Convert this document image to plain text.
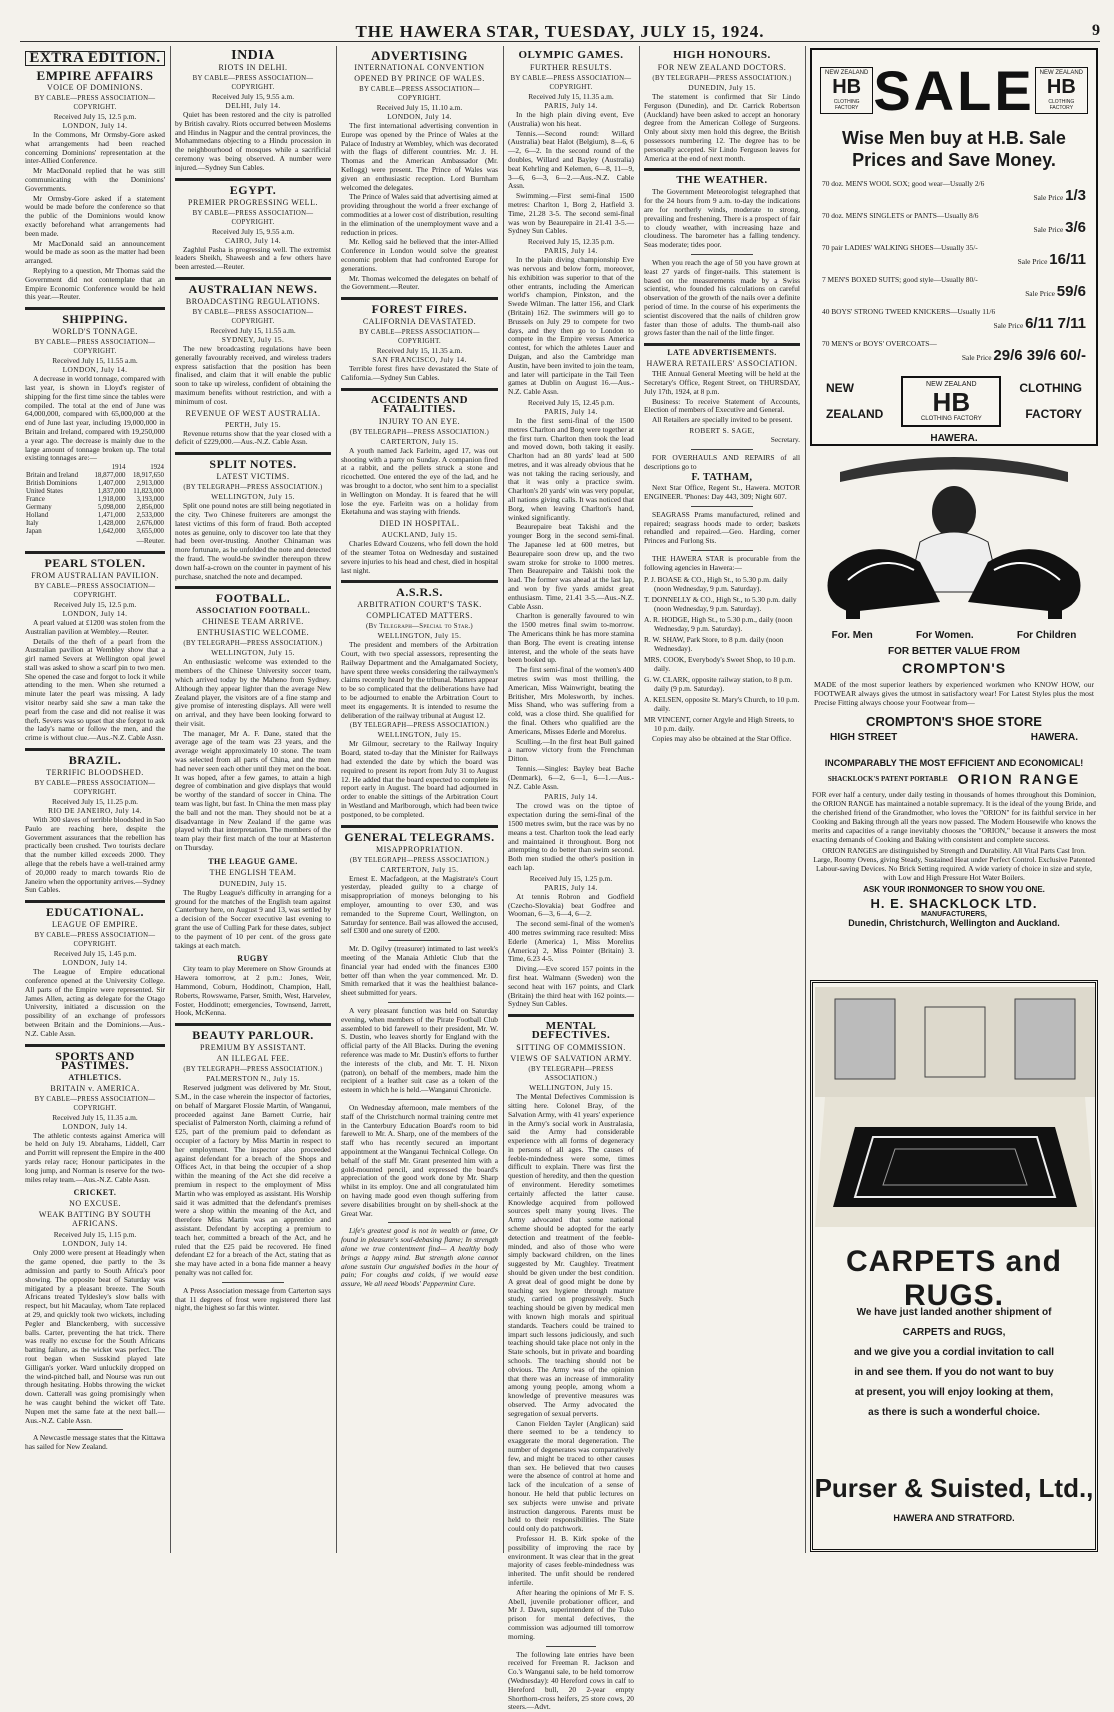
THE HAWERA STAR, TUESDAY, JULY 15, 1924.	9
EXTRA EDITION.
EMPIRE AFFAIRS
VOICE OF DOMINIONS.
BY CABLE—PRESS ASSOCIATION—COPYRIGHT.
Received July 15, 12.5 p.m.
LONDON, July 14.
In the Commons, Mr Ormsby-Gore asked what arrangements had been reached concerning Dominions' representation at the inter-Allied Conference.
Mr MacDonald replied that he was still communicating with the Dominions' Governments.
Mr Ormsby-Gore asked if a statement would be made before the conference so that the public of the Dominions would know exactly beforehand what arrangements had been made.
Mr MacDonald said an announcement would be made as soon as the matter had been arranged.
Replying to a question, Mr Thomas said the Government did not contemplate that an Empire Economic Conference would be held this year.—Reuter.
SHIPPING.
WORLD'S TONNAGE.
BY CABLE—PRESS ASSOCIATION—COPYRIGHT.
Received July 15, 11.55 a.m.
LONDON, July 14.
A decrease in world tonnage, compared with last year, is shown in Lloyd's register of shipping for the first time since the tables were compiled. The total at the end of June was 64,000,000, compared with 65,000,000 at the end of June last year, including 19,000,000 in Britain and Ireland, compared with 19,250,000 a year ago. The decrease is mainly due to the large amount of tonnage broken up. The total existing tonnages are:—
	1914	1924
Britain and Ireland	18,877,000	18,917,650
British Dominions	1,407,000	2,913,000
United States	1,837,000	11,823,000
France	1,918,000	3,193,000
Germany	5,098,000	2,856,000
Holland	1,471,000	2,533,000
Italy	1,428,000	2,676,000
Japan	1,642,000	3,655,000
—Reuter.
PEARL STOLEN.
FROM AUSTRALIAN PAVILION.
BY CABLE—PRESS ASSOCIATION—COPYRIGHT.
Received July 15, 12.5 p.m.
LONDON, July 14.
A pearl valued at £1200 was stolen from the Australian pavilion at Wembley.—Reuter.
Details of the theft of a pearl from the Australian pavilion at Wembley show that a girl named Severs at Wellington opal jewel stall was asked to show a scarf pin to two men. She opened the case and forgot to lock it while attending to the men. When she returned a minute later the pearl was missing. A lady visitor nearby said she saw a man take the pearl from the case and did not realise it was theft. Severs was so upset that she forgot to ask the lady's name or follow the men, and the crime is without clue.—Aus.-N.Z. Cable Assn.
BRAZIL.
TERRIFIC BLOODSHED.
BY CABLE—PRESS ASSOCIATION—COPYRIGHT.
Received July 15, 11.25 p.m.
RIO DE JANEIRO, July 14.
With 300 slaves of terrible bloodshed in Sao Paulo are reaching here, despite the Government assurances that the rebellion has practically been crushed. Two tourists declare that the number killed exceeds 2000. They allege that the rebels have a well-trained army of 20,000 ready to march towards Rio de Janeiro when the opportunity arrives.—Sydney Sun Cables.
EDUCATIONAL.
LEAGUE OF EMPIRE.
BY CABLE—PRESS ASSOCIATION—COPYRIGHT.
Received July 15, 1.45 p.m.
LONDON, July 14.
The League of Empire educational conference opened at the University College. All parts of the Empire were represented. Sir James Allen, acting as delegate for the Otago University, initiated a discussion on the possibility of an exchange of professors between Britain and the Dominions.—Aus.-N.Z. Cable Assn.
SPORTS AND PASTIMES.
ATHLETICS.
BRITAIN v. AMERICA.
BY CABLE—PRESS ASSOCIATION—COPYRIGHT.
Received July 15, 11.35 a.m.
LONDON, July 14.
The athletic contests against America will be held on July 19. Abrahams, Liddell, Carr and Porritt will represent the Empire in the 400 yards relay race; Honour participates in the long jump, and Norman is reserve for the two-miles relay team.—Aus.-N.Z. Cable Assn.
CRICKET.
NO EXCUSE.
WEAK BATTING BY SOUTH AFRICANS.
Received July 15, 1.15 p.m.
LONDON, July 14.
Only 2000 were present at Headingly when the game opened, due partly to the 3s admission and partly to South Africa's poor showing. The opposite beat of Saturday was mitigated by a pleasant breeze. The South Africans treated Tyldesley's slow balls with respect, but hit Macaulay, whom Tate replaced at 29, and quickly took two wickets, including Pegler and Blanckenberg, with successive balls. Carter, preventing the hat trick. There was really no excuse for the South Africans batting failure, as the wicket was perfect. The rout began when Susskind played late Gilligan's yorker. Ward unluckily dropped on the wind-pitched ball, and Nourse was run out through hesitating. Hobbs throwing the wicket down. Catterall was going promisingly when he was caught behind the wicket off Tate. Nupen met the same fate at the next ball.—Aus.-N.Z. Cable Assn.
A Newcastle message states that the Kittawa has sailed for New Zealand.
INDIA
RIOTS IN DELHI.
BY CABLE—PRESS ASSOCIATION—COPYRIGHT.
Received July 15, 9.55 a.m.
DELHI, July 14.
Quiet has been restored and the city is patrolled by British cavalry. Riots occurred between Moslems and Hindus in Nagpur and the central provinces, the Mohammedans objecting to a Hindu procession in the neighbourhood of mosques while a sacrificial ceremony was being observed. A number were injured.—Sydney Sun Cables.
EGYPT.
PREMIER PROGRESSING WELL.
BY CABLE—PRESS ASSOCIATION—COPYRIGHT.
Received July 15, 9.55 a.m.
CAIRO, July 14.
Zaghlul Pasha is progressing well. The extremist leaders Sheikh, Shaweesh and a few others have been arrested.—Reuter.
AUSTRALIAN NEWS.
BROADCASTING REGULATIONS.
BY CABLE—PRESS ASSOCIATION—COPYRIGHT.
Received July 15, 11.55 a.m.
SYDNEY, July 15.
The new broadcasting regulations have been generally favourably received, and wireless traders express satisfaction that the position has been finalised, and claim that it will enable the public soon to take up wireless, confident of obtaining the maximum benefits without restriction, and with a minimum of cost.
REVENUE OF WEST AUSTRALIA.
PERTH, July 15.
Revenue returns show that the year closed with a deficit of £229,000.—Aus.-N.Z. Cable Assn.
SPLIT NOTES.
LATEST VICTIMS.
(BY TELEGRAPH—PRESS ASSOCIATION.)
WELLINGTON, July 15.
Split one pound notes are still being negotiated in the city. Two Chinese fruiterers are amongst the latest victims of this form of fraud. Both accepted notes as genuine, only to discover too late that they had been over-trusting. Another Chinaman was more fortunate, as he unfolded the note and detected the fraud. The would-be swindler thereupon threw down half-a-crown on the counter in payment of his purchase, snatched the note and decamped.
FOOTBALL.
ASSOCIATION FOOTBALL.
CHINESE TEAM ARRIVE.
ENTHUSIASTIC WELCOME.
(BY TELEGRAPH—PRESS ASSOCIATION.)
WELLINGTON, July 15.
An enthusiastic welcome was extended to the members of the Chinese University soccer team, which arrived today by the Maheno from Sydney. Although they appear lighter than the average New Zealand player, the visitors are of a fine stamp and give promise of interesting displays. All were well on arrival, and they have been looking forward to their visit.
The manager, Mr A. F. Dane, stated that the average age of the team was 23 years, and the average weight approximately 10 stone. The team was selected from all parts of China, and the men had never seen each other until they met on the boat. It was hoped, after a few games, to attain a high degree of combination and give displays that would be worthy of the standard of soccer in China. The team was light, but fast. In China the men mass play the ball and not the man. They should not be at a disadvantage in New Zealand if the game was played with that interpretation. The members of the team play their first match of the tour at Masterton on Thursday.
THE LEAGUE GAME.
THE ENGLISH TEAM.
DUNEDIN, July 15.
The Rugby League's difficulty in arranging for a ground for the matches of the English team against Canterbury here, on August 9 and 13, was settled by a decision of the Soccer executive last evening to grant the use of Culling Park for these dates, subject to the payment of 10 per cent. of the gross gate takings at each match.
RUGBY
City team to play Meremere on Show Grounds at Hawera tomorrow, at 2 p.m.: Jones, Weir, Hammond, Coburn, Hoddinott, Champion, Hall, Roberts, Rowswarne, Parser, Smith, West, Harvelev, Foster, Hoddinott; emergencies, Townsend, Jarrett, Hook, McKenna.
BEAUTY PARLOUR.
PREMIUM BY ASSISTANT.
AN ILLEGAL FEE.
(BY TELEGRAPH—PRESS ASSOCIATION.)
PALMERSTON N., July 15.
Reserved judgment was delivered by Mr. Stout, S.M., in the case wherein the inspector of factories, on behalf of Margaret Flossie Martin, of Wanganui, proceeded against Jane Barnett Currie, hair specialist of Palmerston North, claiming a refund of £25, part of the premium paid to defendant as occupier of a factory by Miss Martin in respect to her employment. The inspector also proceeded against defendant for a breach of the Shops and Offices Act, in that being the occupier of a shop within the meaning of the Act she did receive a premium in respect to the employment of Miss Martin who was employed as assistant. His Worship said it was admitted that the defendant's premises were a shop within the meaning of the Act, and therefore Miss Martin was an apprentice and assistant. Defendant by accepting a premium to teach her, committed a breach of the Act, and he ruled that the £25 paid be recovered. He fined defendant £2 for a breach of the Act, stating that as she may have acted in a bona fide manner a heavy penalty was not called for.
A Press Association message from Carterton says that 11 degrees of frost were registered there last night, the highest so far this winter.
ADVERTISING
INTERNATIONAL CONVENTION
OPENED BY PRINCE OF WALES.
BY CABLE—PRESS ASSOCIATION—COPYRIGHT.
Received July 15, 11.10 a.m.
LONDON, July 14.
The first international advertising convention in Europe was opened by the Prince of Wales at the Palace of Industry at Wembley, which was decorated with the flags of different countries. Mr. J. H. Thomas and the American Ambassador (Mr. Kellogg) were present. The Prince of Wales was given an enthusiastic reception. Lord Burnham welcomed the delegates.
The Prince of Wales said that advertising aimed at providing throughout the world a freer exchange of commodities at a lower cost of distribution, resulting in the elimination of the unemployment wave and a reduction in prices.
Mr. Kellog said he believed that the inter-Allied Conference in London would solve the greatest economic problem that had confronted Europe for generations.
Mr. Thomas welcomed the delegates on behalf of the Government.—Reuter.
FOREST FIRES.
CALIFORNIA DEVASTATED.
BY CABLE—PRESS ASSOCIATION—COPYRIGHT.
Received July 15, 11.35 a.m.
SAN FRANCISCO, July 14.
Terrible forest fires have devastated the State of California.—Sydney Sun Cables.
ACCIDENTS AND FATALITIES.
INJURY TO AN EYE.
(BY TELEGRAPH—PRESS ASSOCIATION.)
CARTERTON, July 15.
A youth named Jack Farleitn, aged 17, was out shooting with a party on Sunday. A companion fired at a rabbit, and the pellets struck a stone and ricochetted. One entered the eye of the lad, and he was brought to a doctor, who sent him to a specialist in Wellington on Monday. It is feared that he will lose the eye. Farleitn was on a holiday from Eketahuna and was staying with friends.
DIED IN HOSPITAL.
AUCKLAND, July 15.
Charles Edward Couzens, who fell down the hold of the steamer Totoa on Wednesday and sustained severe injuries to his head and chest, died in hospital last night.
A.S.R.S.
ARBITRATION COURT'S TASK.
COMPLICATED MATTERS.
(By Telegraph—Special to Star.)
WELLINGTON, July 15.
The president and members of the Arbitration Court, with two special assessors, representing the Railway Department and the Amalgamated Society, have spent three weeks considering the railwaymen's claims recently heard by the tribunal. Matters appear to be so complicated that the deliberations have had to be adjourned to enable the Arbitration Court to meet its engagements. It is intended to resume the deliberation of the railway tribunal at August 12.
(BY TELEGRAPH—PRESS ASSOCIATION.)
WELLINGTON, July 15.
Mr Gilmour, secretary to the Railway Inquiry Board, stated to-day that the Minister for Railways had extended the date by which the board was required to present its report from July 31 to August 12. He added that the board expected to complete its report early in August. The board had adjourned in order to enable the sittings of the Arbitration Court in Westland and Marlborough, which had been twice postponed, to be completed.
GENERAL TELEGRAMS.
MISAPPROPRIATION.
(BY TELEGRAPH—PRESS ASSOCIATION.)
CARTERTON, July 15.
Ernest E. Macfadgeon, at the Magistrate's Court yesterday, pleaded guilty to a charge of misappropriation of moneys belonging to his employer, amounting to over £30, and was remanded to the Supreme Court, Wellington, on Saturday for sentence. Bail was allowed the accused, self £300 and one surety of £200.
Mr. D. Ogilvy (treasurer) intimated to last week's meeting of the Manaia Athletic Club that the financial year had ended with the finances £300 better off than when the year commenced. Mr. D. Smith remarked that it was the healthiest balance-sheet submitted for years.
A very pleasant function was held on Saturday evening, when members of the Pirate Football Club assembled to bid farewell to their president, Mr. W. S. Dustin, who leaves shortly for England with the official party of the All Blacks. During the evening reference was made to Mr. Dustin's efforts to further the interests of the club, and Mr. T. H. Nixon (patron), on behalf of the members, made him the recipient of a leather suit case as a token of the esteem in which he is held.—Wanganui Chronicle.
On Wednesday afternoon, male members of the staff of the Christchurch normal training centre met in the Canterbury Education Board's room to bid farewell to Mr. A. Sharp, one of the members of the staff who has recently secured an important appointment at the Wanganui Technical College. On behalf of the staff Mr. Grant presented him with a gold-mounted pencil, and expressed the board's appreciation of the good work done by Mr. Sharp whilst in its employ. One and all congratulated him on having made good even though suffering from severe disabilities brought on by shell-shock at the Great War.
Life's greatest good is not in wealth or fame, Or found in pleasure's soul-debasing flame; In strength alone we true contentment find— A healthy body brings a happy mind. But strength alone cannot alone sustain Our anguished bodies in the hour of pain; For coughs and colds, if we would ease assure, We all need Woods' Peppermint Cure.
OLYMPIC GAMES.
FURTHER RESULTS.
BY CABLE—PRESS ASSOCIATION—COPYRIGHT.
Received July 15, 11.35 a.m.
PARIS, July 14.
In the high plain diving event, Eve (Australia) won his heat.
Tennis.—Second round: Willard (Australia) beat Halot (Belgium), 8—6, 6—2, 6—2. In the second round of the doubles, Willard and Bayley (Australia) beat Kehrling and Kelemen, 6—8, 11—9, 3—6, 6—3, 6—2.—Aus.-N.Z. Cable Assn.
Swimming.—First semi-final 1500 metres: Charlton 1, Borg 2, Hatfield 3. Time, 21.28 3-5. The second semi-final was won by Beaurepaire in 21.41 3-5.—Sydney Sun Cables.
Received July 15, 12.35 p.m.
PARIS, July 14.
In the plain diving championship Eve was nervous and below form, moreover, his exhibition was superior to that of the other entrants, including the American world's champion, Pinkston, and the Swede Wilman. The latter 156, and Clark (Britain) 162. The swimmers will go to Brussels on July 29 to compete for two days, and they then go to London to compete in the Empire versus America contest, for which the athletes Lauer and Duigan, and also the Cambridge man Austin, have been invited to join the team, and later will participate in the Tail Teen games at Dublin on August 16.—Aus.-N.Z. Cable Assn.
Received July 15, 12.45 p.m.
PARIS, July 14.
In the first semi-final of the 1500 metres Charlton and Borg were together at the first turn. Charlton then took the lead and moved down, both taking it easily. Charlton had an 80 yards' lead at 500 metres, and it was already obvious that he was not taking the racing seriously, and that it was only a practice swim. Charlton's 20 yards' win was very popular, all nations giving calls. It was noticed that Borg, when leaving Charlton's hand, winked significantly.
Beaurepaire beat Takishi and the younger Borg in the second semi-final. The Japanese led at 600 metres, but Beaurepaire soon drew up, and the two swam stroke for stroke to 1000 metres. Then Beaurepaire and Takishi took the lead. The former was ahead at the last lap, and won by five yards amidst great enthusiasm. Time, 21.41 3-5.—Aus.-N.Z. Cable Assn.
Charlton is generally favoured to win the 1500 metres final swim to-morrow. The Americans think he has more stamina than Borg. The event is creating intense interest, and the whole of the seats have been booked up.
The first semi-final of the women's 400 metres swim was most thrilling, the American, Miss Wainwright, beating the Britisher, Mrs Molesworth, by inches. Miss Shand, who was suffering from a cold, was a close third. She qualified for the final. Others who qualified are the Americans, Misses Ederle and Morelus.
Sculling.—In the first heat Bull gained a narrow victory from the Frenchman Ditton.
Tennis.—Singles: Bayley beat Bache (Denmark), 6—2, 6—1, 6—1.—Aus.-N.Z. Cable Assn.
PARIS, July 14.
The crowd was on the tiptoe of expectation during the semi-final of the 1500 metres swim, but the race was by no means a test. Charlton took the lead early and maintained it throughout. Borg not attempting to do better than swim second. Both men studied the other's position in each lap.
Received July 15, 1.25 p.m.
PARIS, July 14.
At tennis Robron and Godfield (Czecho-Slovakia) beat Godfree and Wooman, 6—3, 6—4, 6—2.
The second semi-final of the women's 400 metres swimming race resulted: Miss Ederle (America) 1, Miss Morelius (America) 2, Miss Pointer (Britain) 3. Time, 6.23 4-5.
Diving.—Eve scored 157 points in the first heat. Walmann (Sweden) won the second heat with 167 points, and Clark (Britain) the third heat with 162 points.—Sydney Sun Cables.
MENTAL DEFECTIVES.
SITTING OF COMMISSION.
VIEWS OF SALVATION ARMY.
(BY TELEGRAPH—PRESS ASSOCIATION.)
WELLINGTON, July 15.
The Mental Defectives Commission is sitting here. Colonel Bray, of the Salvation Army, with 41 years' experience in the Army's social work in Australasia, said the Army had considerable experience with all forms of degeneracy in persons of all ages. The causes of feeble-mindedness were some, times difficult to explain. There was first the question of heredity, and then the question of environment. Heredity sometimes certainly affected the latter cause. Knowledge acquired from pollowed sources spelt many young lives. The Army advocated that some national scheme should be adopted for the early detection and treatment of the feeble-minded, and also of those who were simply backward children, on the lines suggested by Mr. Caughley. Treatment should be given under the best condition. A great deal of good might be done by teaching sex hygiene through mature study, carried on progressively. Such teaching should be given by medical men with known high morals and spiritual standards. Teachers could be trained to impart such lessons judiciously, and such teaching should take place not only in the State schools, but in private and boarding schools. The teaching should not be obvious. The Army was of the opinion that there was an increase of immorality among young people, among whom a knowledge of preventive measures was observed. The Army advocated the segregation of sexual perverts.
Canon Fielden Tayler (Anglican) said there seemed to be a tendency to exaggerate the moral degeneration. The number of degenerates was comparatively few, and might be traced to other causes than sex. He believed that two causes were the absence of control at home and lack of the inculcation of a sense of honour. He held that public lectures on sex subjects were unwise and private instruction dangerous. Parents must be held to their responsibilities. The State could only do patchwork.
Professor H. B. Kirk spoke of the possibility of improving the race by environment. It was clear that in the great majority of cases feeble-mindedness was inherited. The unfit should be rendered infertile.
After hearing the opinions of Mr F. S. Abell, juvenile probationer officer, and Mr J. Dawn, superintendent of the Tuko prison for mental defectives, the commission was adjourned till tomorrow morning.
The following late entries have been received for Freeman R. Jackson and Co.'s Wanganui sale, to be held tomorrow (Wednesday): 40 Hereford cows in calf to Hereford bull, 20 2-year empty Shorthorn-cross heifers, 25 store cows, 20 steers.—Advt.
HIGH HONOURS.
FOR NEW ZEALAND DOCTORS.
(BY TELEGRAPH—PRESS ASSOCIATION.)
DUNEDIN, July 15.
The statement is confirmed that Sir Lindo Ferguson (Dunedin), and Dr. Carrick Robertson (Auckland) have been asked to accept an honorary degree from the American College of Surgeons. Only about sixty men hold this degree, the British possessors numbering 12. The degree has to be personally accepted. Sir Lindo Ferguson leaves for America at the end of next month.
THE WEATHER.
The Government Meteorologist telegraphed that for the 24 hours from 9 a.m. to-day the indications are for northerly winds, moderate to strong, prevailing and freshening. There is a prospect of fair to cloudy weather, with increasing haze and cloudiness. The barometer has a falling tendency. Seas moderate; tides poor.
When you reach the age of 50 you have grown at least 27 yards of finger-nails. This statement is based on the measurements made by a Swiss scientist, who founded his calculations on careful observation of the growth of the nails over a definite period of time. In the course of his experiments the scientist discovered that the nails of children grow faster than those of adults. The thumb-nail also grows faster than the nail of the little finger.
LATE ADVERTISEMENTS.
HAWERA RETAILERS' ASSOCIATION.
THE Annual General Meeting will be held at the Secretary's Office, Regent Street, on THURSDAY, July 17th, 1924, at 8 p.m.
Business: To receive Statement of Accounts, Election of members of Executive and General.
All Retailers are specially invited to be present.
ROBERT S. SAGE,
Secretary.
FOR OVERHAULS AND REPAIRS of all descriptions go to
F. TATHAM,
Next Star Office, Regent St., Hawera. MOTOR ENGINEER. 'Phones: Day 443, 309; Night 607.
SEAGRASS Prams manufactured, relined and repaired; seagrass hoods made to order; baskets rehandled and repaired.—Geo. Harding, corner Princes and Furlong Sts.
THE HAWERA STAR is procurable from the following agencies in Hawera:—
P. J. BOASE & CO., High St., to 5.30 p.m. daily (noon Wednesday, 9 p.m. Saturday).
T. DONNELLY & CO., High St., to 5.30 p.m. daily (noon Wednesday, 9 p.m. Saturday).
A. R. HODGE, High St., to 5.30 p.m., daily (noon Wednesday, 9 p.m. Saturday).
R. W. SHAW, Park Store, to 8 p.m. daily (noon Wednesday).
MRS. COOK, Everybody's Sweet Shop, to 10 p.m. daily.
G. W. CLARK, opposite railway station, to 8 p.m. daily (9 p.m. Saturday).
A. KELSEN, opposite St. Mary's Church, to 10 p.m. daily.
MR VINCENT, corner Argyle and High Streets, to 10 p.m. daily.
Copies may also be obtained at the Star Office.
NEW ZEALAND
HB
CLOTHING FACTORY SALE NEW ZEALAND
HB
CLOTHING FACTORY
Wise Men buy at H.B. Sale
Prices and Save Money.
70 doz. MEN'S WOOL SOX; good wear—Usually 2/6
Sale Price 1/3
70 doz. MEN'S SINGLETS or PANTS—Usually 8/6
Sale Price 3/6
70 pair LADIES' WALKING SHOES—Usually 35/-
Sale Price 16/11
7 MEN'S BOXED SUITS; good style—Usually 80/-
Sale Price 59/6
40 BOYS' STRONG TWEED KNICKERS—Usually 11/6
Sale Price 6/11 7/11
70 MEN'S or BOYS' OVERCOATS—
Sale Price 29/6 39/6 60/-
NEW
ZEALAND
NEW ZEALAND
HB
CLOTHING FACTORY
CLOTHING
FACTORY
HAWERA.
For. Men	For Women.	For Children
FOR BETTER VALUE FROM
CROMPTON'S
MADE of the most superior leathers by experienced workmen who KNOW HOW, our FOOTWEAR always gives the utmost in satisfactory wear! For Latest Styles plus the most Precise Fitting always choose your Footwear from—
CROMPTON'S SHOE STORE
HIGH STREET	HAWERA.
INCOMPARABLY THE MOST EFFICIENT AND ECONOMICAL!
SHACKLOCK'S PATENT PORTABLE ORION RANGE
FOR ever half a century, under daily testing in thousands of homes throughout this Dominion, the ORION RANGE has maintained a notable supremacy. It is the ideal of the young Bride, and the cherished friend of the Grandmother, who loves the "ORION" for its faithful service in her Cooking and Baking through all the years now passed. The Modern Housewife who knows the merits and capacities of a range inevitably chooses the "ORION," because it answers the most exacting demands of Cooking and Baking with consistent and complete success.
ORION RANGES are distinguished by Strength and Durability. All Vital Parts Cast Iron. Large, Roomy Ovens, giving Steady, Sustained Heat under Perfect Control. Exclusive Patented Labour-saving Devices. No Brick Setting required. A wide variety of choice in size and style, with Low and High Pressure Hot Water Boilers.
ASK YOUR IRONMONGER TO SHOW YOU ONE.
H. E. SHACKLOCK LTD.
MANUFACTURERS,
Dunedin, Christchurch, Wellington and Auckland.
CARPETS and RUGS.
We have just landed another shipment of
CARPETS and RUGS,
and we give you a cordial invitation to call
in and see them. If you do not want to buy
at present, you will enjoy looking at them,
as there is such a wonderful choice.
Purser & Suisted, Ltd.,
HAWERA AND STRATFORD.
